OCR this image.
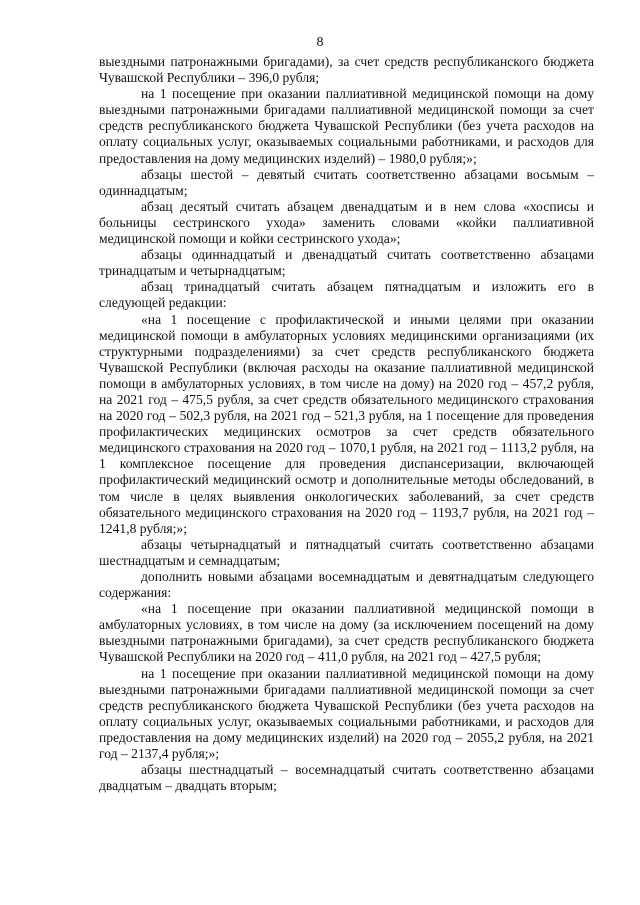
8

выездными патронажными бригадами), за счет средств республиканского бюджета Чувашской Республики – 396,0 рубля;

на 1 посещение при оказании паллиативной медицинской помощи на дому выездными патронажными бригадами паллиативной медицинской помощи за счет средств республиканского бюджета Чувашской Республики (без учета расходов на оплату социальных услуг, оказываемых социальными работниками, и расходов для предоставления на дому медицинских изделий) – 1980,0 рубля;»;

абзацы шестой – девятый считать соответственно абзацами восьмым – одиннадцатым;

абзац десятый считать абзацем двенадцатым и в нем слова «хосписы и больницы сестринского ухода» заменить словами «койки паллиативной медицинской помощи и койки сестринского ухода»;

абзацы одиннадцатый и двенадцатый считать соответственно абзацами тринадцатым и четырнадцатым;

абзац тринадцатый считать абзацем пятнадцатым и изложить его в следующей редакции:

«на 1 посещение с профилактической и иными целями при оказании медицинской помощи в амбулаторных условиях медицинскими организациями (их структурными подразделениями) за счет средств республиканского бюджета Чувашской Республики (включая расходы на оказание паллиативной медицинской помощи в амбулаторных условиях, в том числе на дому) на 2020 год – 457,2 рубля, на 2021 год – 475,5 рубля, за счет средств обязательного медицинского страхования на 2020 год – 502,3 рубля, на 2021 год – 521,3 рубля, на 1 посещение для проведения профилактических медицинских осмотров за счет средств обязательного медицинского страхования на 2020 год – 1070,1 рубля, на 2021 год – 1113,2 рубля, на 1 комплексное посещение для проведения диспансеризации, включающей профилактический медицинский осмотр и дополнительные методы обследований, в том числе в целях выявления онкологических заболеваний, за счет средств обязательного медицинского страхования на 2020 год – 1193,7 рубля, на 2021 год – 1241,8 рубля;»;

абзацы четырнадцатый и пятнадцатый считать соответственно абзацами шестнадцатым и семнадцатым;

дополнить новыми абзацами восемнадцатым и девятнадцатым следующего содержания:

«на 1 посещение при оказании паллиативной медицинской помощи в амбулаторных условиях, в том числе на дому (за исключением посещений на дому выездными патронажными бригадами), за счет средств республиканского бюджета Чувашской Республики на 2020 год – 411,0 рубля, на 2021 год – 427,5 рубля;

на 1 посещение при оказании паллиативной медицинской помощи на дому выездными патронажными бригадами паллиативной медицинской помощи за счет средств республиканского бюджета Чувашской Республики (без учета расходов на оплату социальных услуг, оказываемых социальными работниками, и расходов для предоставления на дому медицинских изделий) на 2020 год – 2055,2 рубля, на 2021 год – 2137,4 рубля;»;

абзацы шестнадцатый – восемнадцатый считать соответственно абзацами двадцатым – двадцать вторым;
